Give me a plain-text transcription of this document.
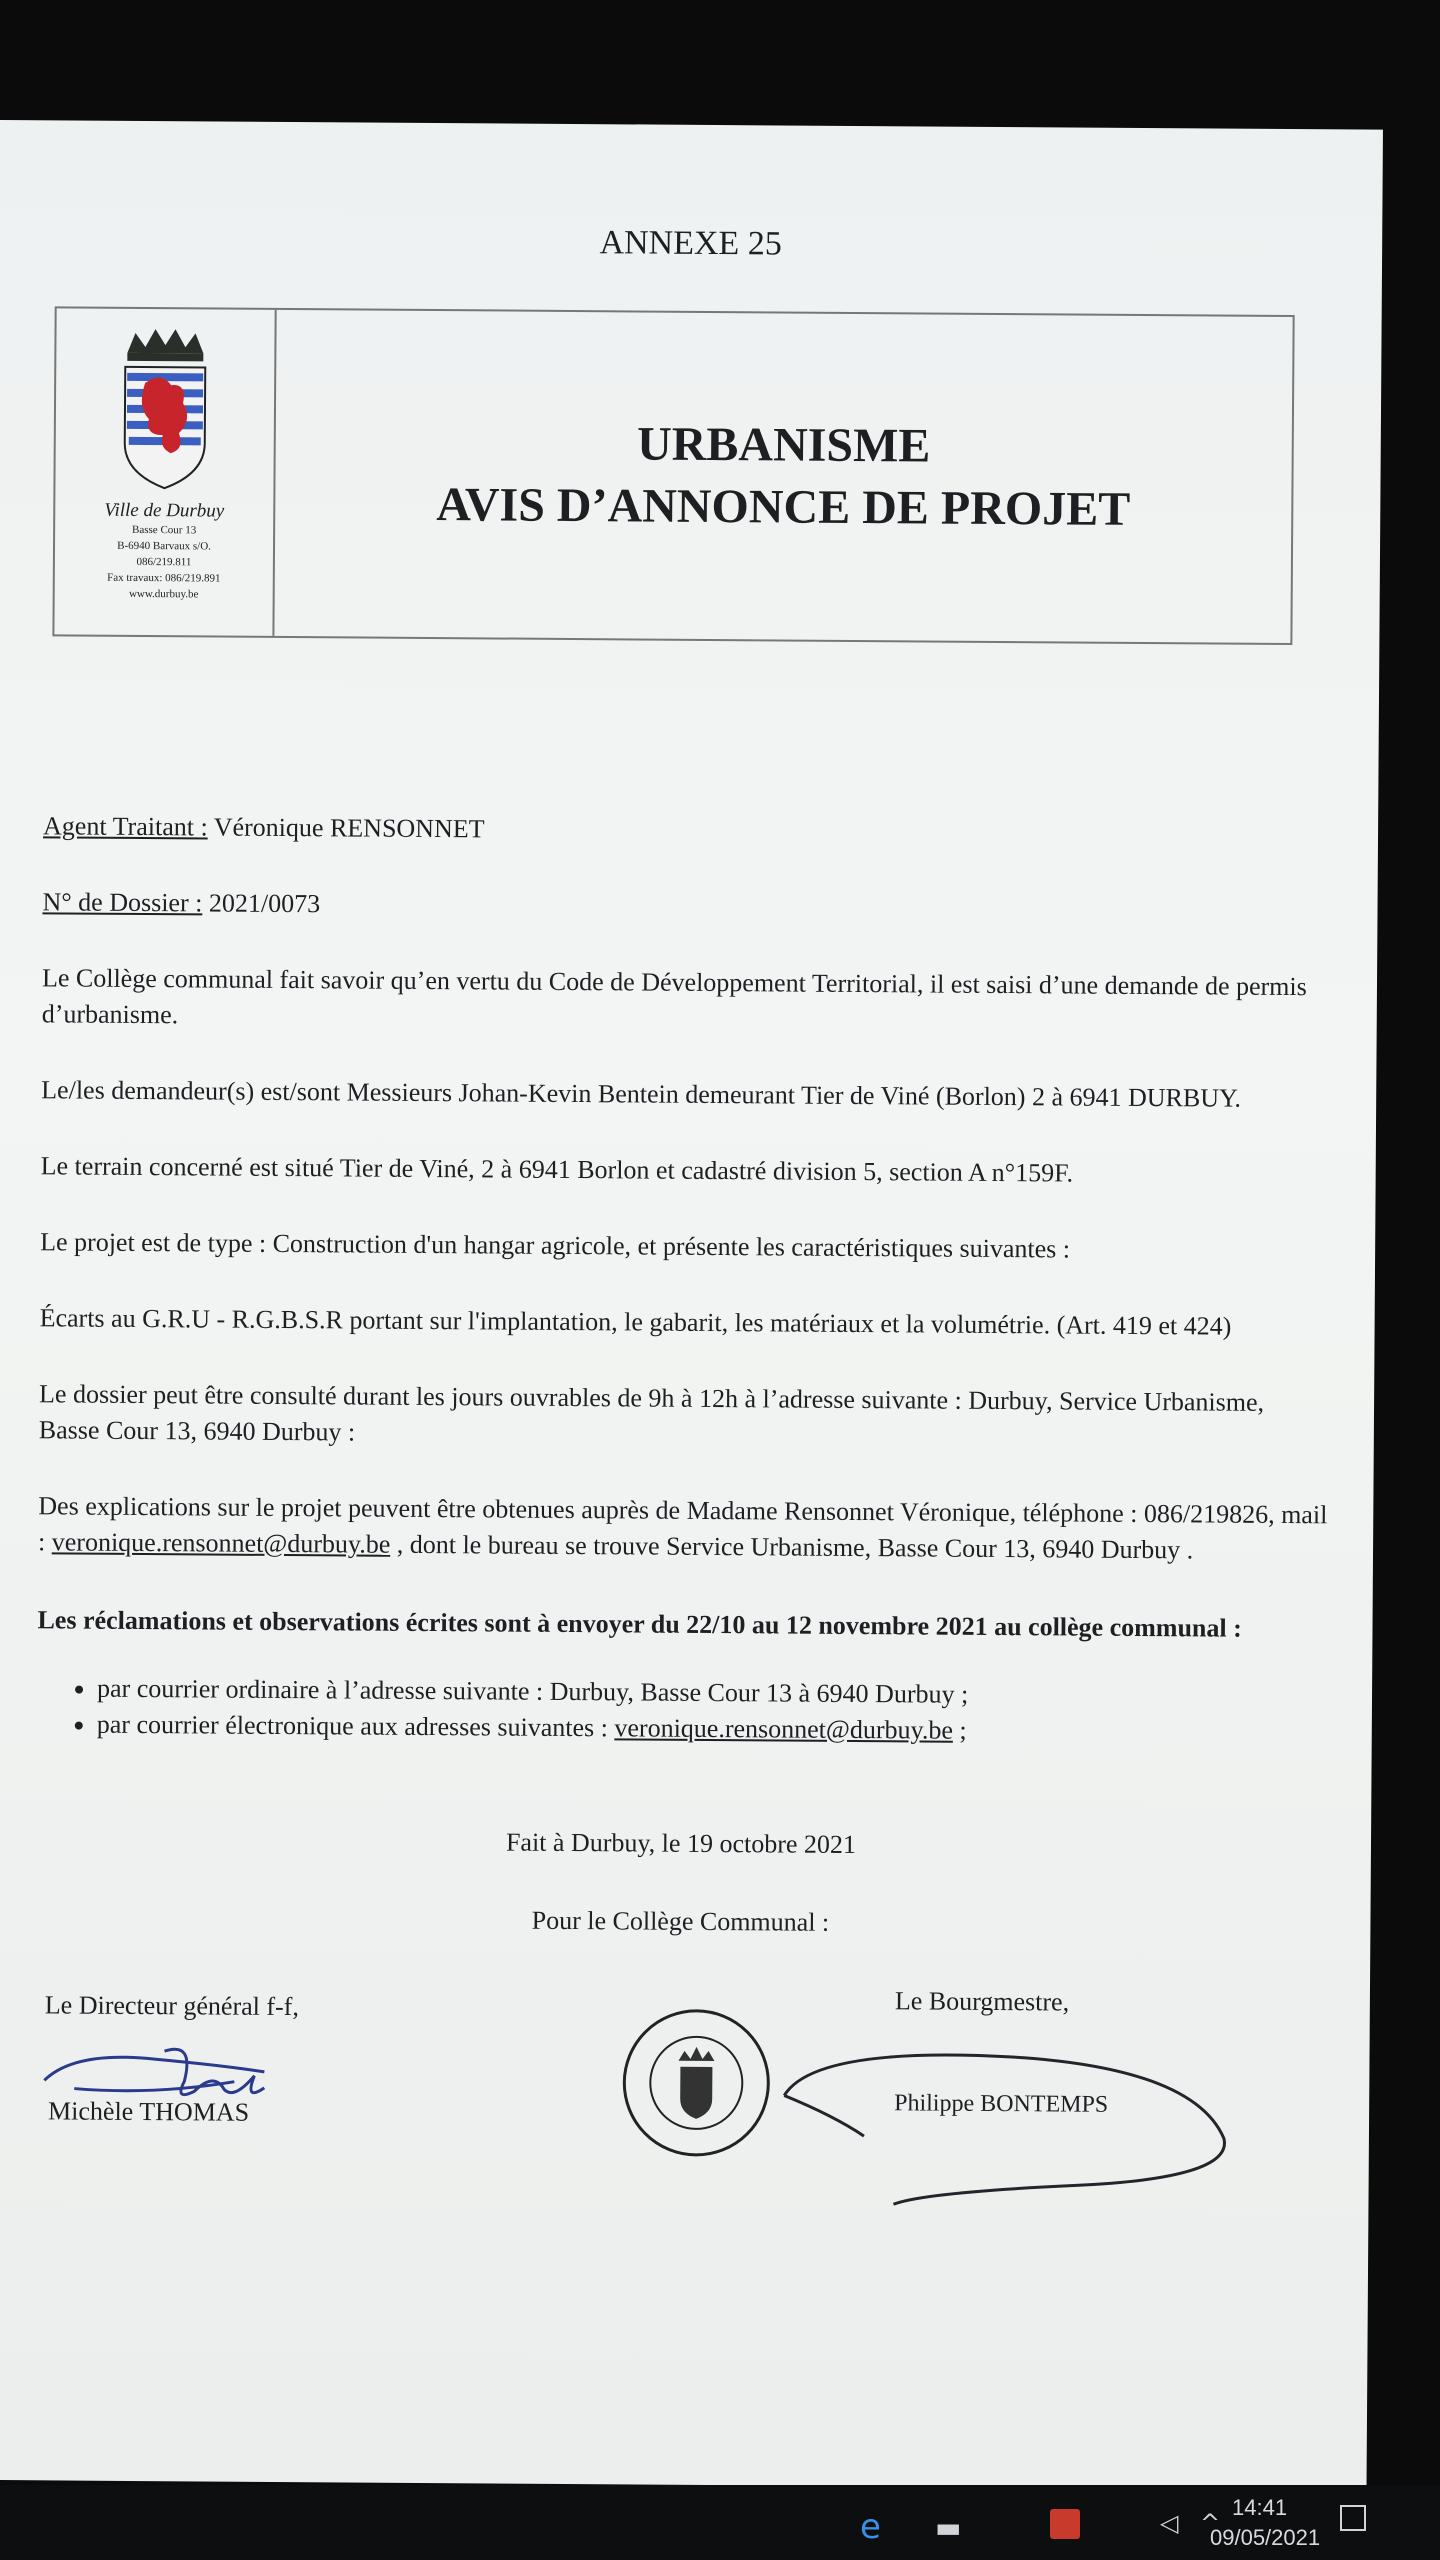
ANNEXE 25
Ville de Durbuy
Basse Cour 13
B-6940 Barvaux s/O.
086/219.811
Fax travaux: 086/219.891
www.durbuy.be
URBANISME
AVIS D’ANNONCE DE PROJET
Agent Traitant : Véronique RENSONNET
N° de Dossier : 2021/0073
Le Collège communal fait savoir qu’en vertu du Code de Développement Territorial, il est saisi d’une demande de permis d’urbanisme.
Le/les demandeur(s) est/sont Messieurs Johan-Kevin Bentein demeurant Tier de Viné (Borlon) 2 à 6941 DURBUY.
Le terrain concerné est situé Tier de Viné, 2 à 6941 Borlon et cadastré division 5, section A n°159F.
Le projet est de type : Construction d'un hangar agricole, et présente les caractéristiques suivantes :
Écarts au G.R.U - R.G.B.S.R portant sur l'implantation, le gabarit, les matériaux et la volumétrie. (Art. 419 et 424)
Le dossier peut être consulté durant les jours ouvrables de 9h à 12h à l’adresse suivante : Durbuy, Service Urbanisme, Basse Cour 13, 6940 Durbuy :
Des explications sur le projet peuvent être obtenues auprès de Madame Rensonnet Véronique, téléphone : 086/219826, mail : veronique.rensonnet@durbuy.be , dont le bureau se trouve Service Urbanisme, Basse Cour 13, 6940 Durbuy .
Les réclamations et observations écrites sont à envoyer du 22/10 au 12 novembre 2021 au collège communal :
• par courrier ordinaire à l’adresse suivante : Durbuy, Basse Cour 13 à 6940 Durbuy ;
• par courrier électronique aux adresses suivantes : veronique.rensonnet@durbuy.be ;
Fait à Durbuy, le 19 octobre 2021
Pour le Collège Communal :
Le Directeur général f-f,
Michèle THOMAS
Le Bourgmestre,
Philippe BONTEMPS
▬
e	^
◁
14:41
09/05/2021
